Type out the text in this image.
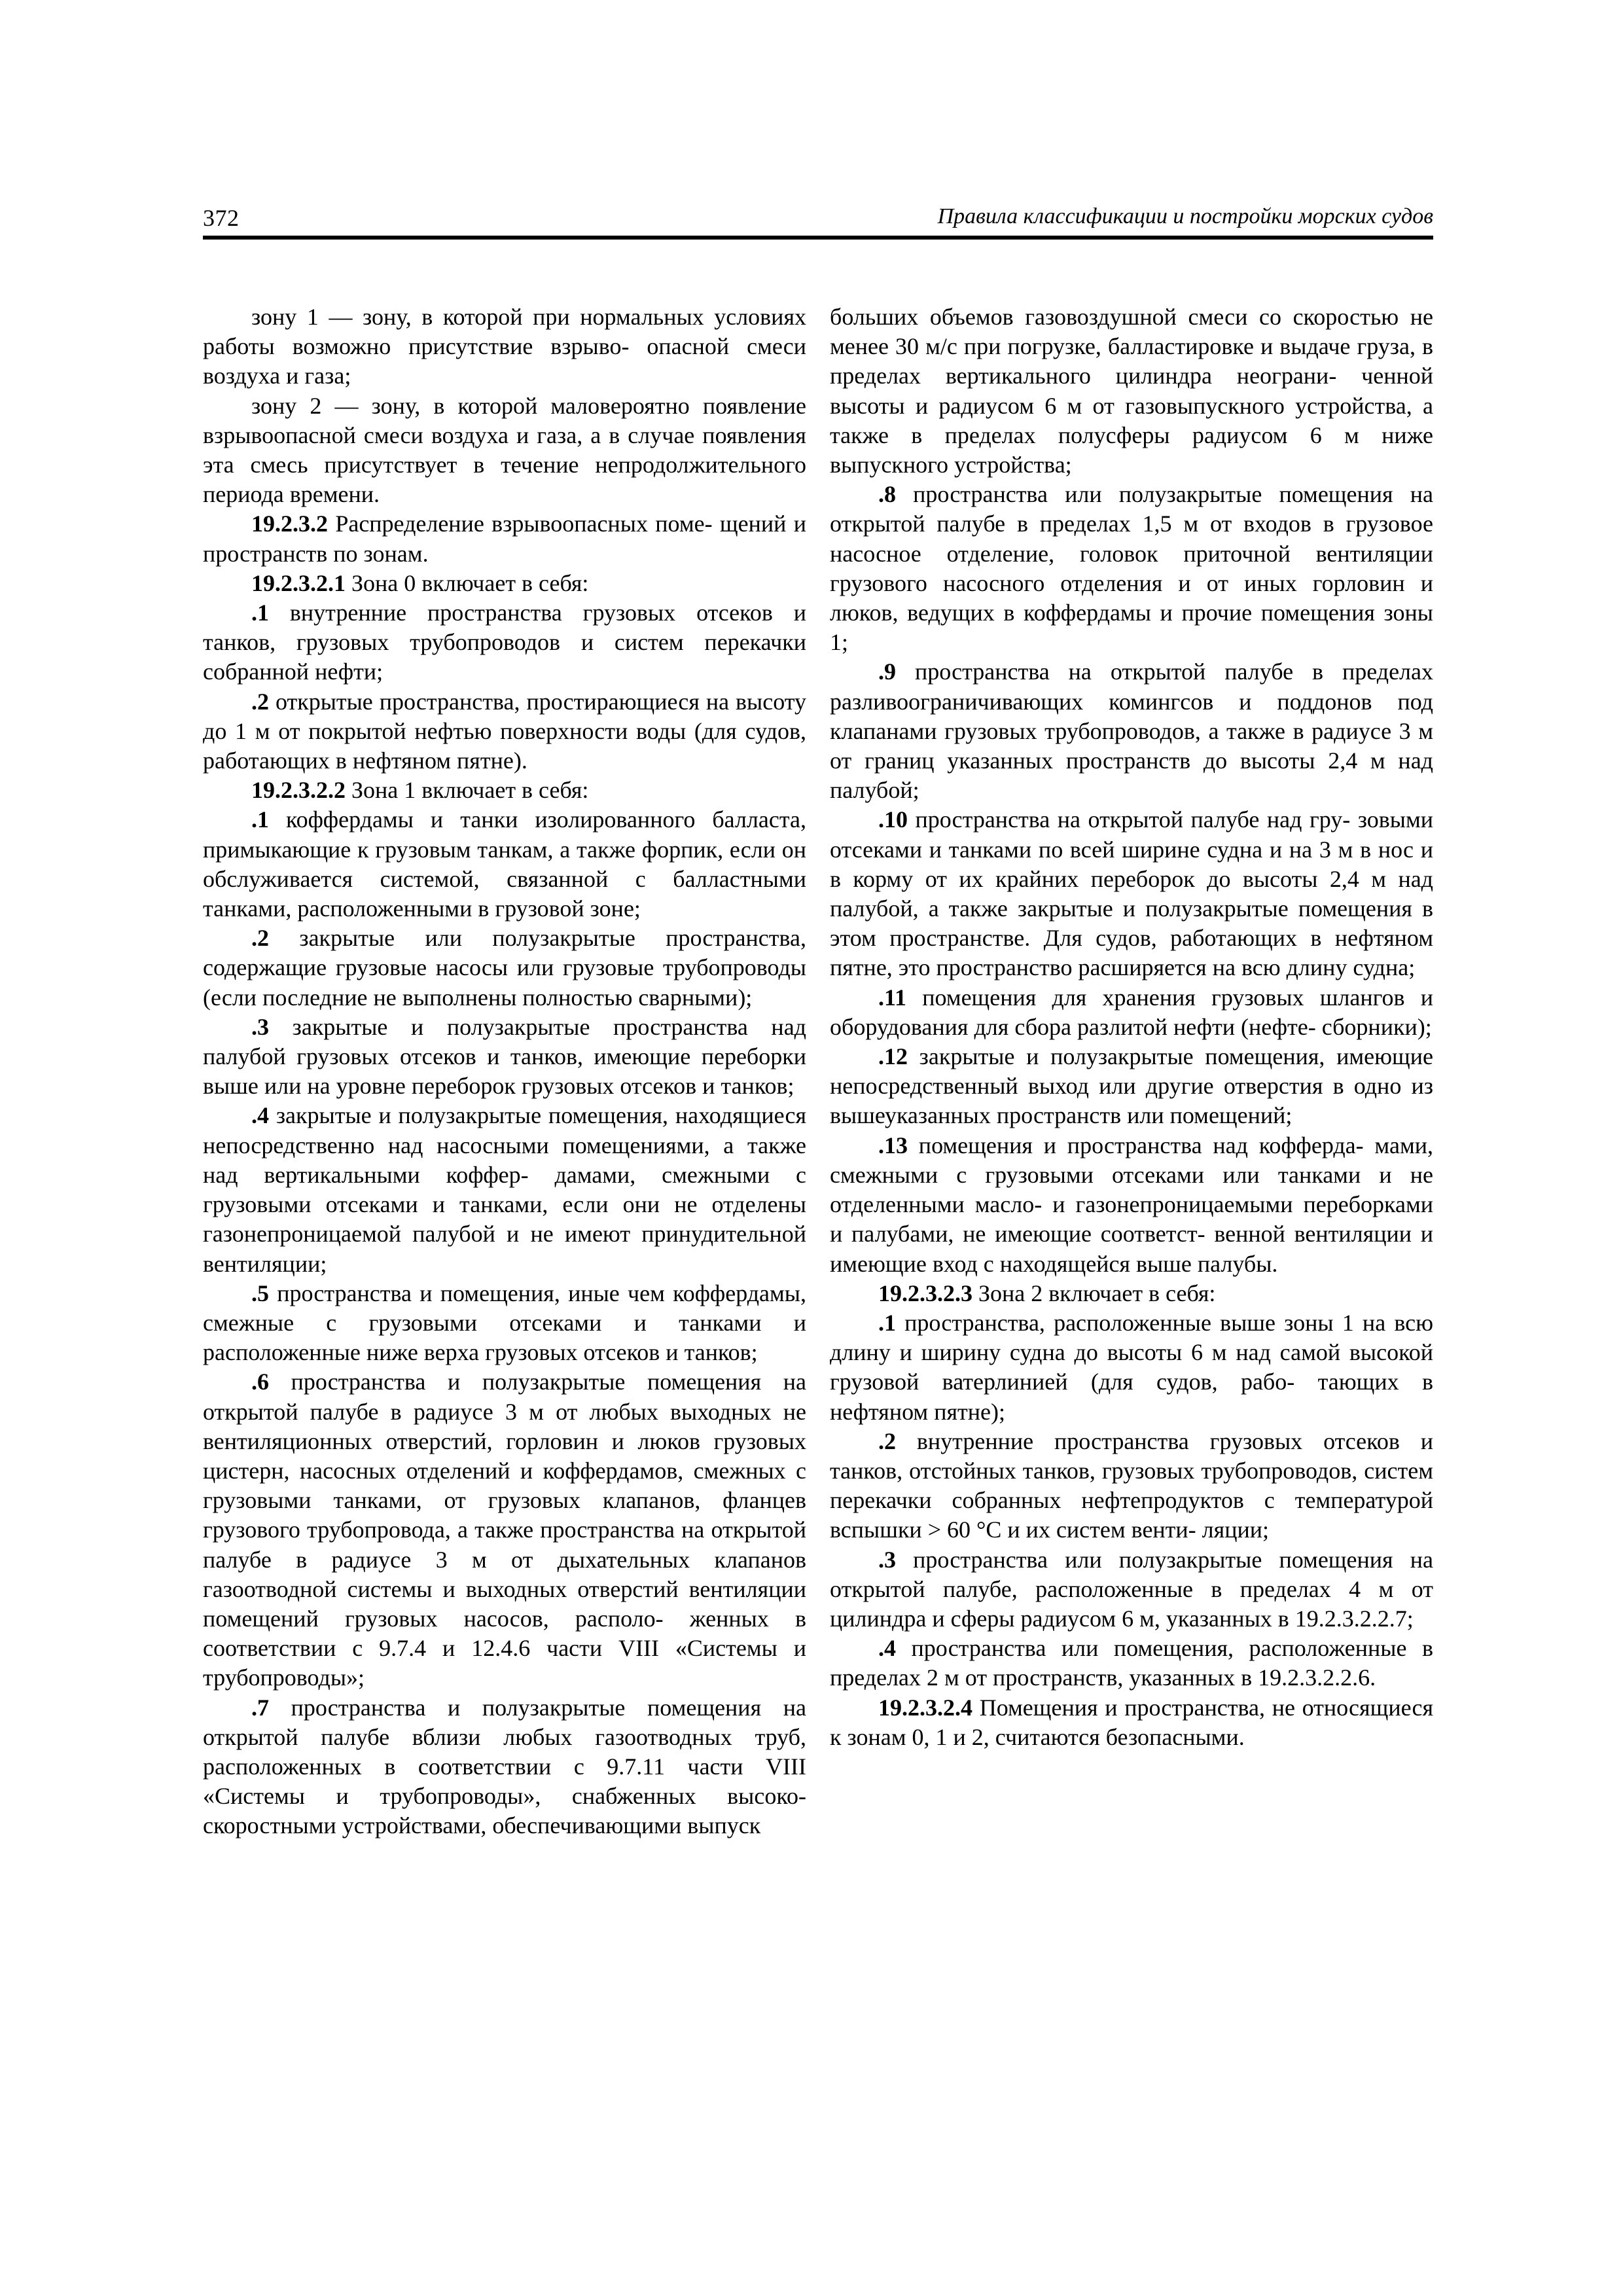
372	Правила классификации и постройки морских судов

зону 1 — зону, в которой при нормальных условиях работы возможно присутствие взрыво- опасной смеси воздуха и газа;

зону 2 — зону, в которой маловероятно появление взрывоопасной смеси воздуха и газа, а в случае появления эта смесь присутствует в течение непродолжительного периода времени.

19.2.3.2 Распределение взрывоопасных поме- щений и пространств по зонам.

19.2.3.2.1 Зона 0 включает в себя:

.1 внутренние пространства грузовых отсеков и танков, грузовых трубопроводов и систем перекачки собранной нефти;

.2 открытые пространства, простирающиеся на высоту до 1 м от покрытой нефтью поверхности воды (для судов, работающих в нефтяном пятне).

19.2.3.2.2 Зона 1 включает в себя:

.1 коффердамы и танки изолированного балласта, примыкающие к грузовым танкам, а также форпик, если он обслуживается системой, связанной с балластными танками, расположенными в грузовой зоне;

.2 закрытые или полузакрытые пространства, содержащие грузовые насосы или грузовые трубопроводы (если последние не выполнены полностью сварными);

.3 закрытые и полузакрытые пространства над палубой грузовых отсеков и танков, имеющие переборки выше или на уровне переборок грузовых отсеков и танков;

.4 закрытые и полузакрытые помещения, находящиеся непосредственно над насосными помещениями, а также над вертикальными коффер- дамами, смежными с грузовыми отсеками и танками, если они не отделены газонепроницаемой палубой и не имеют принудительной вентиляции;

.5 пространства и помещения, иные чем коффердамы, смежные с грузовыми отсеками и танками и расположенные ниже верха грузовых отсеков и танков;

.6 пространства и полузакрытые помещения на открытой палубе в радиусе 3 м от любых выходных не вентиляционных отверстий, горловин и люков грузовых цистерн, насосных отделений и коффердамов, смежных с грузовыми танками, от грузовых клапанов, фланцев грузового трубопровода, а также пространства на открытой палубе в радиусе 3 м от дыхательных клапанов газоотводной системы и выходных отверстий вентиляции помещений грузовых насосов, располо- женных в соответствии с 9.7.4 и 12.4.6 части VIII «Системы и трубопроводы»;

.7 пространства и полузакрытые помещения на открытой палубе вблизи любых газоотводных труб, расположенных в соответствии с 9.7.11 части VIII «Системы и трубопроводы», снабженных высоко- скоростными устройствами, обеспечивающими выпуск

больших объемов газовоздушной смеси со скоростью не менее 30 м/с при погрузке, балластировке и выдаче груза, в пределах вертикального цилиндра неограни- ченной высоты и радиусом 6 м от газовыпускного устройства, а также в пределах полусферы радиусом 6 м ниже выпускного устройства;

.8 пространства или полузакрытые помещения на открытой палубе в пределах 1,5 м от входов в грузовое насосное отделение, головок приточной вентиляции грузового насосного отделения и от иных горловин и люков, ведущих в коффердамы и прочие помещения зоны 1;

.9 пространства на открытой палубе в пределах разливоограничивающих комингсов и поддонов под клапанами грузовых трубопроводов, а также в радиусе 3 м от границ указанных пространств до высоты 2,4 м над палубой;

.10 пространства на открытой палубе над гру- зовыми отсеками и танками по всей ширине судна и на 3 м в нос и в корму от их крайних переборок до высоты 2,4 м над палубой, а также закрытые и полузакрытые помещения в этом пространстве. Для судов, работающих в нефтяном пятне, это пространство расширяется на всю длину судна;

.11 помещения для хранения грузовых шлангов и оборудования для сбора разлитой нефти (нефте- сборники);

.12 закрытые и полузакрытые помещения, имеющие непосредственный выход или другие отверстия в одно из вышеуказанных пространств или помещений;

.13 помещения и пространства над кофферда- мами, смежными с грузовыми отсеками или танками и не отделенными масло- и газонепроницаемыми переборками и палубами, не имеющие соответст- венной вентиляции и имеющие вход с находящейся выше палубы.

19.2.3.2.3 Зона 2 включает в себя:

.1 пространства, расположенные выше зоны 1 на всю длину и ширину судна до высоты 6 м над самой высокой грузовой ватерлинией (для судов, рабо- тающих в нефтяном пятне);

.2 внутренние пространства грузовых отсеков и танков, отстойных танков, грузовых трубопроводов, систем перекачки собранных нефтепродуктов с температурой вспышки > 60 °С и их систем венти- ляции;

.3 пространства или полузакрытые помещения на открытой палубе, расположенные в пределах 4 м от цилиндра и сферы радиусом 6 м, указанных в 19.2.3.2.2.7;

.4 пространства или помещения, расположенные в пределах 2 м от пространств, указанных в 19.2.3.2.2.6.

19.2.3.2.4 Помещения и пространства, не относящиеся к зонам 0, 1 и 2, считаются безопасными.
